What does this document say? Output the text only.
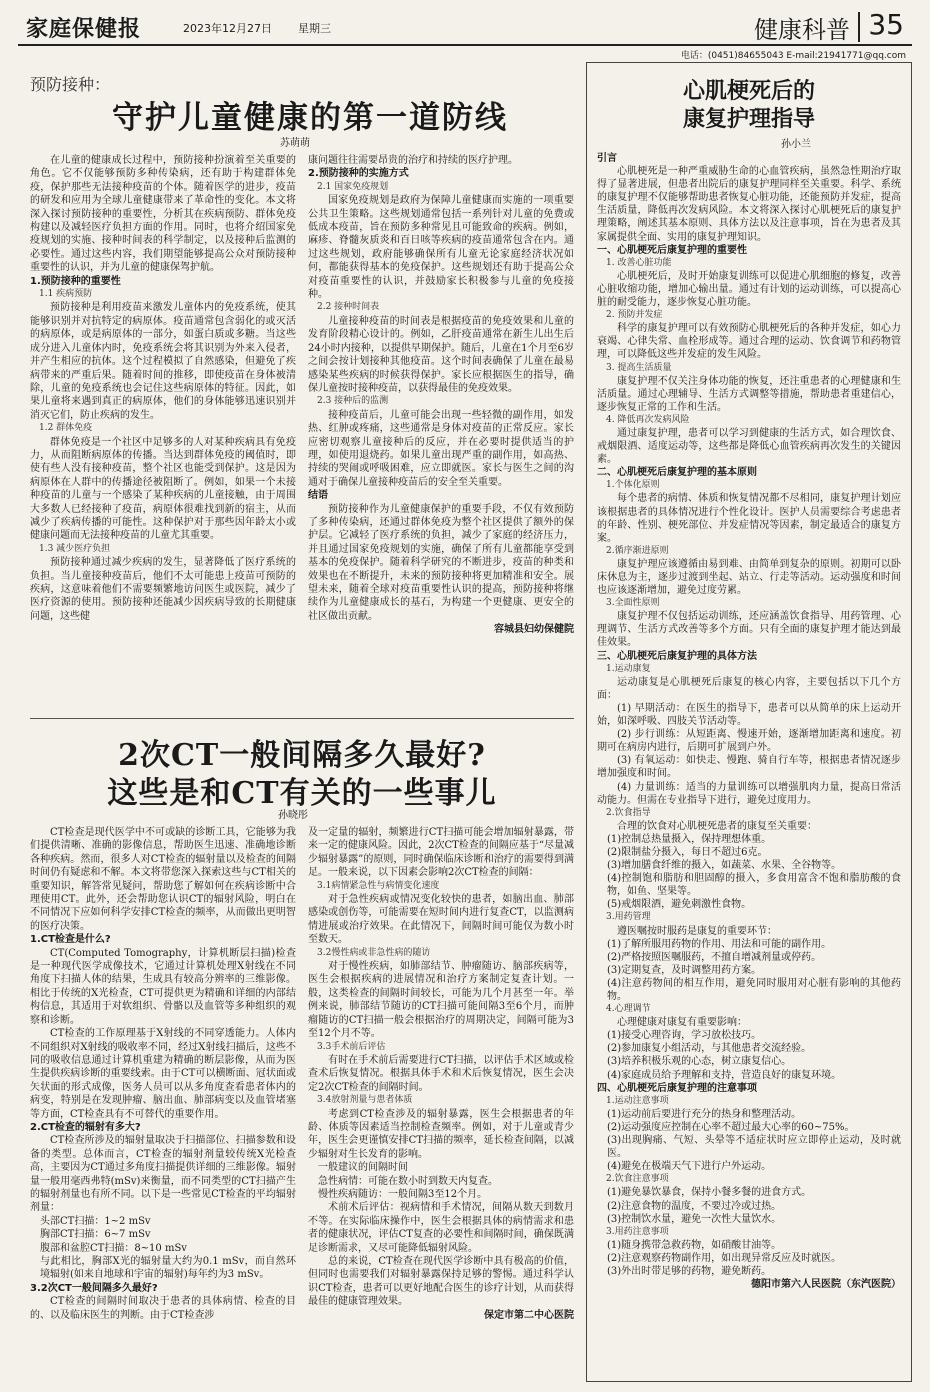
家庭保健报	2023年12月27日 星期三	健康科普 35
电话：(0451)84655043 E-mail:21941771@qq.com
预防接种：
守护儿童健康的第一道防线
苏萌萌

在儿童的健康成长过程中，预防接种扮演着至关重要的角色。它不仅能够预防多种传染病，还有助于构建群体免疫，保护那些无法接种疫苗的个体。随着医学的进步，疫苗的研发和应用为全球儿童健康带来了革命性的变化。本文将深入探讨预防接种的重要性，分析其在疾病预防、群体免疫构建以及减轻医疗负担方面的作用。同时，也将介绍国家免疫规划的实施、接种时间表的科学制定，以及接种后监测的必要性。通过这些内容，我们期望能够提高公众对预防接种重要性的认识，并为儿童的健康保驾护航。

1.预防接种的重要性

1.1 疾病预防

预防接种是利用疫苗来激发儿童体内的免疫系统，使其能够识别并对抗特定的病原体。疫苗通常包含弱化的或灭活的病原体，或是病原体的一部分，如蛋白质或多糖。当这些成分进入儿童体内时，免疫系统会将其识别为外来入侵者，并产生相应的抗体。这个过程模拟了自然感染，但避免了疾病带来的严重后果。随着时间的推移，即使疫苗在身体被清除，儿童的免疫系统也会记住这些病原体的特征。因此，如果儿童将来遇到真正的病原体，他们的身体能够迅速识别并消灭它们，防止疾病的发生。

1.2 群体免疫

群体免疫是一个社区中足够多的人对某种疾病具有免疫力，从而阻断病原体的传播。当达到群体免疫的阈值时，即使有些人没有接种疫苗，整个社区也能受到保护。这是因为病原体在人群中的传播途径被阻断了。例如，如果一个未接种疫苗的儿童与一个感染了某种疾病的儿童接触，由于周围大多数人已经接种了疫苗，病原体很难找到新的宿主，从而减少了疾病传播的可能性。这种保护对于那些因年龄太小或健康问题而无法接种疫苗的儿童尤其重要。

1.3 减少医疗负担

预防接种通过减少疾病的发生，显著降低了医疗系统的负担。当儿童接种疫苗后，他们不太可能患上疫苗可预防的疾病，这意味着他们不需要频繁地访问医生或医院，减少了医疗资源的使用。预防接种还能减少因疾病导致的长期健康问题，这些健

康问题往往需要昂贵的治疗和持续的医疗护理。

2.预防接种的实施方式

2.1 国家免疫规划

国家免疫规划是政府为保障儿童健康而实施的一项重要公共卫生策略。这些规划通常包括一系列针对儿童的免费或低成本疫苗，旨在预防多种常见且可能致命的疾病。例如，麻疹、脊髓灰质炎和百日咳等疾病的疫苗通常包含在内。通过这些规划，政府能够确保所有儿童无论家庭经济状况如何，都能获得基本的免疫保护。这些规划还有助于提高公众对疫苗重要性的认识，并鼓励家长积极参与儿童的免疫接种。

2.2 接种时间表

儿童接种疫苗的时间表是根据疫苗的免疫效果和儿童的发育阶段精心设计的。例如，乙肝疫苗通常在新生儿出生后24小时内接种，以提供早期保护。随后，儿童在1个月至6岁之间会按计划接种其他疫苗。这个时间表确保了儿童在最易感染某些疾病的时候获得保护。家长应根据医生的指导，确保儿童按时接种疫苗，以获得最佳的免疫效果。

2.3 接种后的监测

接种疫苗后，儿童可能会出现一些轻微的副作用，如发热、红肿或疼痛，这些通常是身体对疫苗的正常反应。家长应密切观察儿童接种后的反应，并在必要时提供适当的护理，如使用退烧药。如果儿童出现严重的副作用，如高热、持续的哭闹或呼吸困难，应立即就医。家长与医生之间的沟通对于确保儿童接种疫苗后的安全至关重要。

结语

预防接种作为儿童健康保护的重要手段，不仅有效预防了多种传染病，还通过群体免疫为整个社区提供了额外的保护层。它减轻了医疗系统的负担，减少了家庭的经济压力，并且通过国家免疫规划的实施，确保了所有儿童都能享受到基本的免疫保护。随着科学研究的不断进步，疫苗的种类和效果也在不断提升，未来的预防接种将更加精准和安全。展望未来，随着全球对疫苗重要性认识的提高，预防接种将继续作为儿童健康成长的基石，为构建一个更健康、更安全的社区做出贡献。

容城县妇幼保健院

2次CT一般间隔多久最好?
这些是和CT有关的一些事儿
孙晓彤

CT检查是现代医学中不可或缺的诊断工具，它能够为我们提供清晰、准确的影像信息，帮助医生迅速、准确地诊断各种疾病。然而，很多人对CT检查的辐射量以及检查的间隔时间仍有疑虑和不解。本文将带您深入探索这些与CT相关的重要知识，解答常见疑问，帮助您了解如何在疾病诊断中合理使用CT。此外，还会帮助您认识CT的辐射风险，明白在不同情况下应如何科学安排CT检查的频率，从而做出更明智的医疗决策。

1.CT检查是什么?

CT(Computed Tomography，计算机断层扫描)检查是一种现代医学成像技术，它通过计算机处理X射线在不同角度下扫描人体的结果，生成具有较高分辨率的三维影像。相比于传统的X光检查，CT可提供更为精确和详细的内部结构信息，其适用于对软组织、骨骼以及血管等多种组织的观察和诊断。

CT检查的工作原理基于X射线的不同穿透能力。人体内不同组织对X射线的吸收率不同，经过X射线扫描后，这些不同的吸收信息通过计算机重建为精确的断层影像，从而为医生提供疾病诊断的重要线索。由于CT可以横断面、冠状面或矢状面的形式成像，医务人员可以从多角度查看患者体内的病变，特别是在发现肿瘤、脑出血、肺部病变以及血管堵塞等方面，CT检查具有不可替代的重要作用。

2.CT检查的辐射有多大?

CT检查所涉及的辐射量取决于扫描部位、扫描参数和设备的类型。总体而言，CT检查的辐射剂量较传统X光检查高，主要因为CT通过多角度扫描提供详细的三维影像。辐射量一般用毫西弗特(mSv)来衡量，而不同类型的CT扫描产生的辐射剂量也有所不同。以下是一些常见CT检查的平均辐射剂量：

头部CT扫描：1~2 mSv

胸部CT扫描：6~7 mSv

腹部和盆腔CT扫描：8~10 mSv

与此相比，胸部X光的辐射量大约为0.1 mSv，而自然环境辐射(如来自地球和宇宙的辐射)每年约为3 mSv。

3.2次CT一般间隔多久最好?

CT检查的间隔时间取决于患者的具体病情、检查的目的、以及临床医生的判断。由于CT检查涉

及一定量的辐射，频繁进行CT扫描可能会增加辐射暴露，带来一定的健康风险。因此，2次CT检查的间隔应基于“尽量减少辐射暴露”的原则，同时确保临床诊断和治疗的需要得到满足。一般来说，以下因素会影响2次CT检查的间隔：

3.1病情紧急性与病情变化速度

对于急性疾病或情况变化较快的患者，如脑出血、肺部感染或创伤等，可能需要在短时间内进行复查CT，以监测病情进展或治疗效果。在此情况下，间隔时间可能仅为数小时至数天。

3.2慢性病或非急性病的随访

对于慢性疾病，如肺部结节、肿瘤随访、脑部疾病等，医生会根据疾病的进展情况和治疗方案制定复查计划。一般，这类检查的间隔时间较长，可能为几个月甚至一年。举例来说，肺部结节随访的CT扫描可能间隔3至6个月，而肿瘤随访的CT扫描一般会根据治疗的周期决定，间隔可能为3至12个月不等。

3.3手术前后评估

有时在手术前后需要进行CT扫描，以评估手术区域或检查术后恢复情况。根据具体手术和术后恢复情况，医生会决定2次CT检查的间隔时间。

3.4放射剂量与患者体质

考虑到CT检查涉及的辐射暴露，医生会根据患者的年龄、体质等因素适当控制检查频率。例如，对于儿童或青少年，医生会更谨慎安排CT扫描的频率，延长检查间隔，以减少辐射对生长发育的影响。

一般建议的间隔时间

急性病情：可能在数小时到数天内复查。

慢性疾病随访：一般间隔3至12个月。

术前术后评估：视病情和手术情况，间隔从数天到数月不等。在实际临床操作中，医生会根据具体的病情需求和患者的健康状况，评估CT复查的必要性和间隔时间，确保既满足诊断需求，又尽可能降低辐射风险。

总的来说，CT检查在现代医学诊断中具有极高的价值，但同时也需要我们对辐射暴露保持足够的警惕。通过科学认识CT检查，患者可以更好地配合医生的诊疗计划，从而获得最佳的健康管理效果。

保定市第二中心医院

心肌梗死后的
康复护理指导
孙小兰

引言

心肌梗死是一种严重威胁生命的心血管疾病，虽然急性期治疗取得了显著进展，但患者出院后的康复护理同样至关重要。科学、系统的康复护理不仅能够帮助患者恢复心脏功能，还能预防并发症，提高生活质量，降低再次发病风险。本文将深入探讨心肌梗死后的康复护理策略，阐述其基本原则、具体方法以及注意事项，旨在为患者及其家属提供全面、实用的康复护理知识。

一、心肌梗死后康复护理的重要性

1. 改善心脏功能

心肌梗死后，及时开始康复训练可以促进心肌细胞的修复，改善心脏收缩功能，增加心输出量。通过有计划的运动训练，可以提高心脏的耐受能力，逐步恢复心脏功能。

2. 预防并发症

科学的康复护理可以有效预防心肌梗死后的各种并发症，如心力衰竭、心律失常、血栓形成等。通过合理的运动、饮食调节和药物管理，可以降低这些并发症的发生风险。

3. 提高生活质量

康复护理不仅关注身体功能的恢复，还注重患者的心理健康和生活质量。通过心理辅导、生活方式调整等措施，帮助患者重建信心，逐步恢复正常的工作和生活。

4. 降低再次发病风险

通过康复护理，患者可以学习到健康的生活方式，如合理饮食、戒烟限酒、适度运动等，这些都是降低心血管疾病再次发生的关键因素。

二、心肌梗死后康复护理的基本原则

1.个体化原则

每个患者的病情、体质和恢复情况都不尽相同，康复护理计划应该根据患者的具体情况进行个性化设计。医护人员需要综合考虑患者的年龄、性别、梗死部位、并发症情况等因素，制定最适合的康复方案。

2.循序渐进原则

康复护理应该遵循由易到难、由简单到复杂的原则。初期可以卧床休息为主，逐步过渡到坐起、站立、行走等活动。运动强度和时间也应该逐渐增加，避免过度劳累。

3.全面性原则

康复护理不仅包括运动训练，还应涵盖饮食指导、用药管理、心理调节、生活方式改善等多个方面。只有全面的康复护理才能达到最佳效果。

三、心肌梗死后康复护理的具体方法

1.运动康复

运动康复是心肌梗死后康复的核心内容，主要包括以下几个方面：

(1) 早期活动：在医生的指导下，患者可以从简单的床上运动开始，如深呼吸、四肢关节活动等。

(2) 步行训练：从短距离、慢速开始，逐渐增加距离和速度。初期可在病房内进行，后期可扩展到户外。

(3) 有氧运动：如快走、慢跑、骑自行车等，根据患者情况逐步增加强度和时间。

(4) 力量训练：适当的力量训练可以增强肌肉力量，提高日常活动能力。但需在专业指导下进行，避免过度用力。

2.饮食指导

合理的饮食对心肌梗死患者的康复至关重要：

(1)控制总热量摄入，保持理想体重。

(2)限制盐分摄入，每日不超过6克。

(3)增加膳食纤维的摄入，如蔬菜、水果、全谷物等。

(4)控制饱和脂肪和胆固醇的摄入，多食用富含不饱和脂肪酸的食物，如鱼、坚果等。

(5)戒烟限酒，避免刺激性食物。

3.用药管理

遵医嘱按时服药是康复的重要环节：

(1)了解所服用药物的作用、用法和可能的副作用。

(2)严格按照医嘱服药，不擅自增减剂量或停药。

(3)定期复查，及时调整用药方案。

(4)注意药物间的相互作用，避免同时服用对心脏有影响的其他药物。

4.心理调节

心理健康对康复有重要影响：

(1)接受心理咨询，学习放松技巧。

(2)参加康复小组活动，与其他患者交流经验。

(3)培养积极乐观的心态，树立康复信心。

(4)家庭成员给予理解和支持，营造良好的康复环境。

四、心肌梗死后康复护理的注意事项

1.运动注意事项

(1)运动前后要进行充分的热身和整理活动。

(2)运动强度应控制在心率不超过最大心率的60~75%。

(3)出现胸痛、气短、头晕等不适症状时应立即停止运动，及时就医。

(4)避免在极端天气下进行户外运动。

2.饮食注意事项

(1)避免暴饮暴食，保持小餐多餐的进食方式。

(2)注意食物的温度，不要过冷或过热。

(3)控制饮水量，避免一次性大量饮水。

3.用药注意事项

(1)随身携带急救药物，如硝酸甘油等。

(2)注意观察药物副作用，如出现异常反应及时就医。

(3)外出时带足够的药物，避免断药。

德阳市第六人民医院（东汽医院）
